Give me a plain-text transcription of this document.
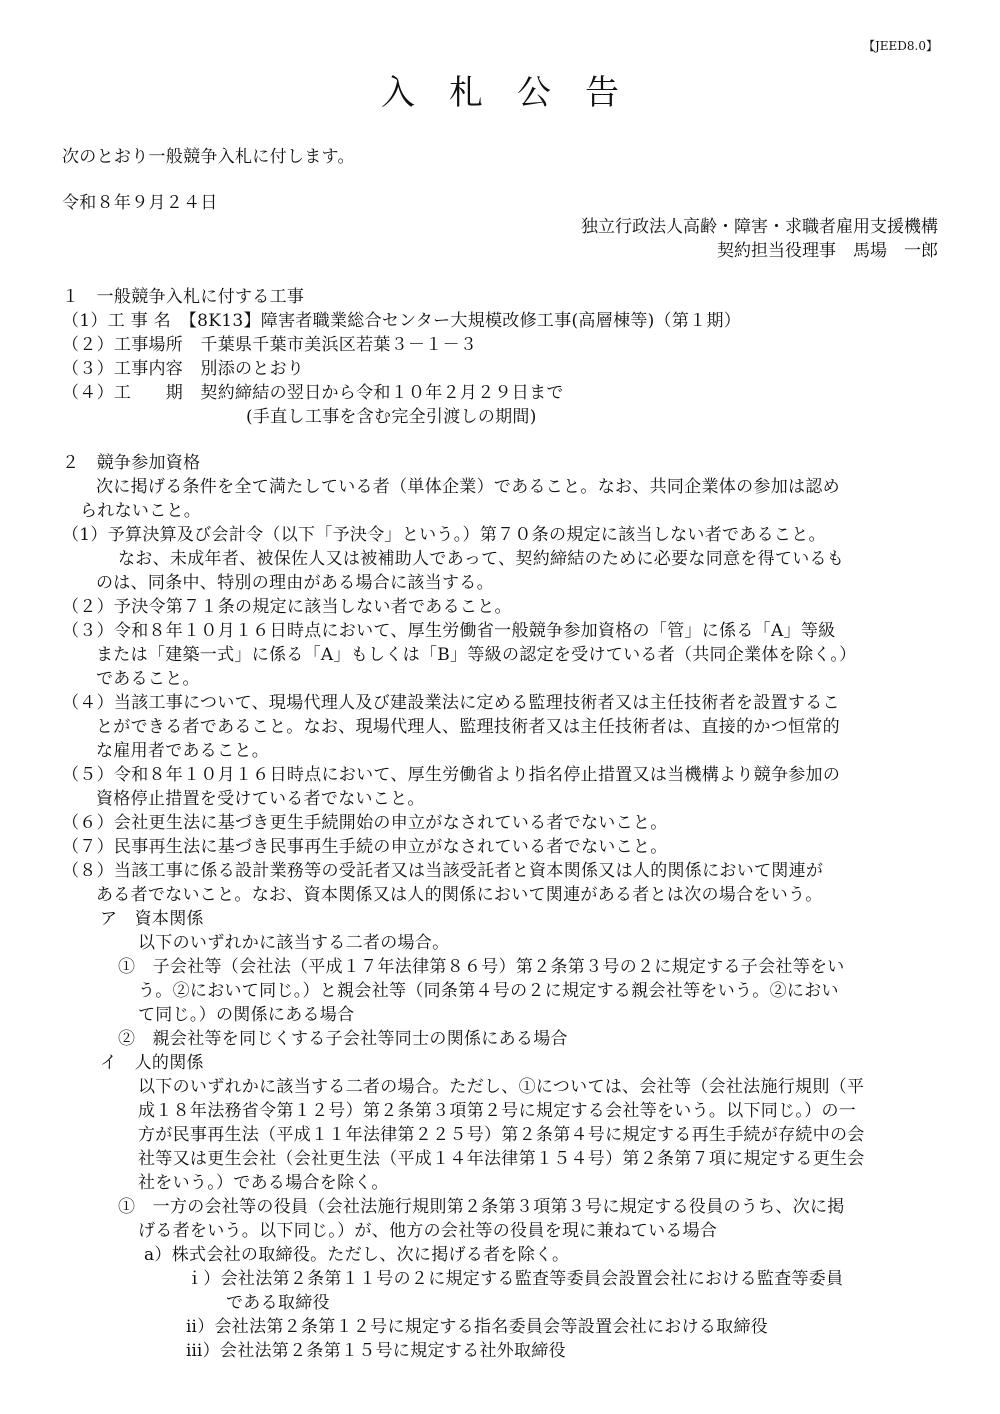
【JEED8.0】
入札公告
次のとおり一般競争入札に付します。
令和８年９月２４日
独立行政法人高齢・障害・求職者雇用支援機構
契約担当役理事　馬場　一郎
１　一般競争入札に付する工事
（1）工 事 名　【8K13】障害者職業総合センター大規模改修工事(高層棟等)（第１期）
（２）工事場所　千葉県千葉市美浜区若葉３－１－３
（３）工事内容　別添のとおり
（４）工　　期　契約締結の翌日から令和１０年２月２９日まで
(手直し工事を含む完全引渡しの期間)
２　競争参加資格
次に掲げる条件を全て満たしている者（単体企業）であること。なお、共同企業体の参加は認め
られないこと。
（1）予算決算及び会計令（以下「予決令」という。）第７０条の規定に該当しない者であること。
なお、未成年者、被保佐人又は被補助人であって、契約締結のために必要な同意を得ているも
のは、同条中、特別の理由がある場合に該当する。
（２）予決令第７１条の規定に該当しない者であること。
（３）令和８年１０月１６日時点において、厚生労働省一般競争参加資格の「管」に係る「A」等級
または「建築一式」に係る「A」もしくは「B」等級の認定を受けている者（共同企業体を除く。）
であること。
（４）当該工事について、現場代理人及び建設業法に定める監理技術者又は主任技術者を設置するこ
とができる者であること。なお、現場代理人、監理技術者又は主任技術者は、直接的かつ恒常的
な雇用者であること。
（５）令和８年１０月１６日時点において、厚生労働省より指名停止措置又は当機構より競争参加の
資格停止措置を受けている者でないこと。
（６）会社更生法に基づき更生手続開始の申立がなされている者でないこと。
（７）民事再生法に基づき民事再生手続の申立がなされている者でないこと。
（８）当該工事に係る設計業務等の受託者又は当該受託者と資本関係又は人的関係において関連が
ある者でないこと。なお、資本関係又は人的関係において関連がある者とは次の場合をいう。
ア　資本関係
以下のいずれかに該当する二者の場合。
①　子会社等（会社法（平成１７年法律第８６号）第２条第３号の２に規定する子会社等をい
う。②において同じ。）と親会社等（同条第４号の２に規定する親会社等をいう。②におい
て同じ。）の関係にある場合
②　親会社等を同じくする子会社等同士の関係にある場合
イ　人的関係
以下のいずれかに該当する二者の場合。ただし、①については、会社等（会社法施行規則（平
成１８年法務省令第１２号）第２条第３項第２号に規定する会社等をいう。以下同じ。）の一
方が民事再生法（平成１１年法律第２２５号）第２条第４号に規定する再生手続が存続中の会
社等又は更生会社（会社更生法（平成１４年法律第１５４号）第２条第７項に規定する更生会
社をいう。）である場合を除く。
①　一方の会社等の役員（会社法施行規則第２条第３項第３号に規定する役員のうち、次に掲
げる者をいう。以下同じ。）が、他方の会社等の役員を現に兼ねている場合
a）株式会社の取締役。ただし、次に掲げる者を除く。
ｉ）会社法第２条第１１号の２に規定する監査等委員会設置会社における監査等委員
である取締役
ⅱ）会社法第２条第１２号に規定する指名委員会等設置会社における取締役
ⅲ）会社法第２条第１５号に規定する社外取締役
